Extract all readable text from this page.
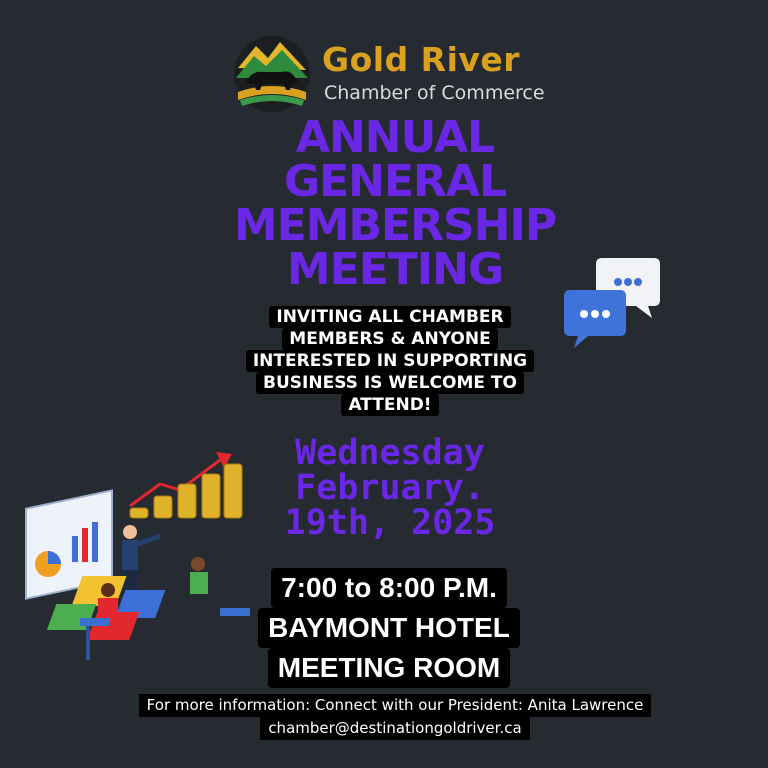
Gold River
Chamber of Commerce
ANNUAL
GENERAL
MEMBERSHIP
MEETING
INVITING ALL CHAMBER
MEMBERS & ANYONE
INTERESTED IN SUPPORTING
BUSINESS IS WELCOME TO
ATTEND!
Wednesday
February.
19th, 2025
7:00 to 8:00 P.M.
BAYMONT HOTEL
MEETING ROOM
For more information: Connect with our President: Anita Lawrence
chamber@destinationgoldriver.ca
